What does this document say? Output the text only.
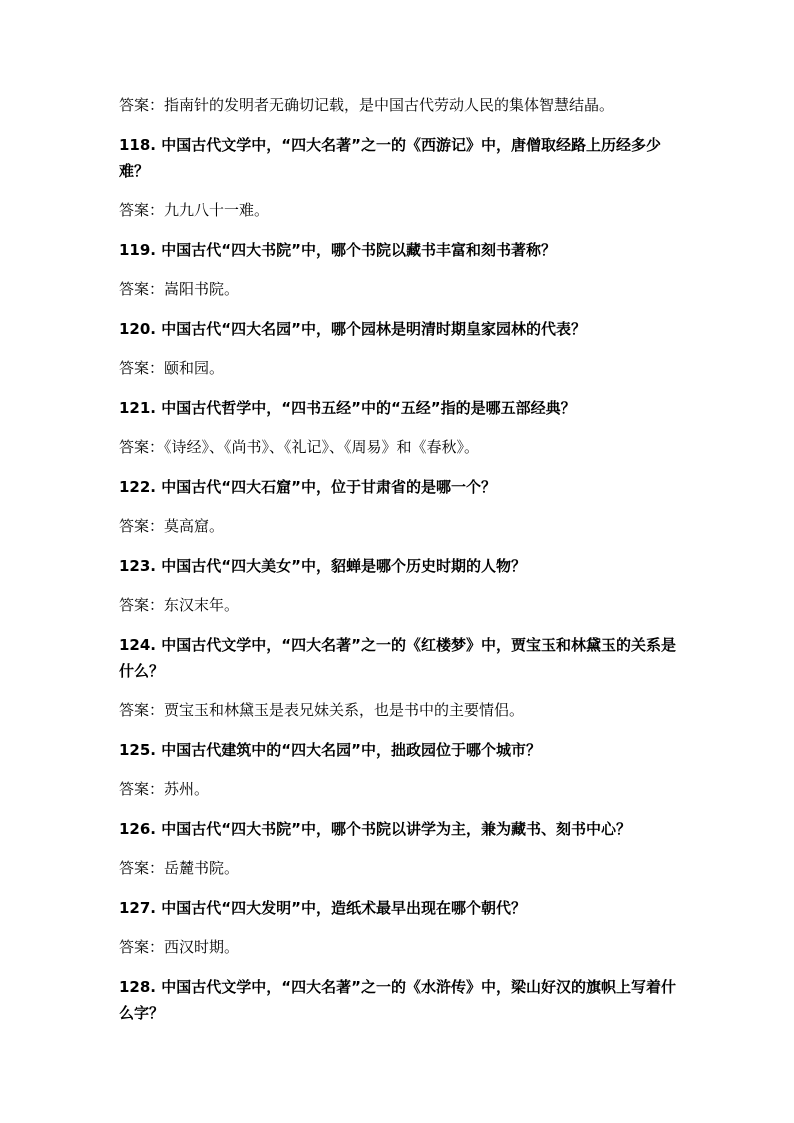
答案：指南针的发明者无确切记载，是中国古代劳动人民的集体智慧结晶。

118. 中国古代文学中，“四大名著”之一的《西游记》中，唐僧取经路上历经多少难？

答案：九九八十一难。

119. 中国古代“四大书院”中，哪个书院以藏书丰富和刻书著称？

答案：嵩阳书院。

120. 中国古代“四大名园”中，哪个园林是明清时期皇家园林的代表？

答案：颐和园。

121. 中国古代哲学中，“四书五经”中的“五经”指的是哪五部经典？

答案：《诗经》、《尚书》、《礼记》、《周易》和《春秋》。

122. 中国古代“四大石窟”中，位于甘肃省的是哪一个？

答案：莫高窟。

123. 中国古代“四大美女”中，貂蝉是哪个历史时期的人物？

答案：东汉末年。

124. 中国古代文学中，“四大名著”之一的《红楼梦》中，贾宝玉和林黛玉的关系是什么？

答案：贾宝玉和林黛玉是表兄妹关系，也是书中的主要情侣。

125. 中国古代建筑中的“四大名园”中，拙政园位于哪个城市？

答案：苏州。

126. 中国古代“四大书院”中，哪个书院以讲学为主，兼为藏书、刻书中心？

答案：岳麓书院。

127. 中国古代“四大发明”中，造纸术最早出现在哪个朝代？

答案：西汉时期。

128. 中国古代文学中，“四大名著”之一的《水浒传》中，梁山好汉的旗帜上写着什么字？
